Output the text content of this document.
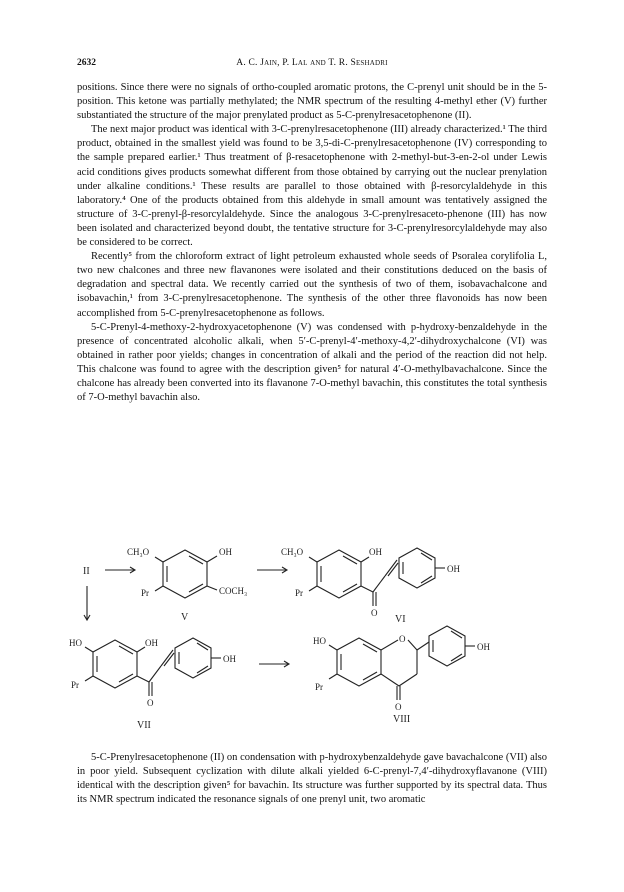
2632	A. C. Jain, P. Lal and T. R. Seshadri

positions. Since there were no signals of ortho-coupled aromatic protons, the C-prenyl unit should be in the 5-position. This ketone was partially methylated; the NMR spectrum of the resulting 4-methyl ether (V) further substantiated the structure of the major prenylated product as 5-C-prenylresacetophenone (II).

The next major product was identical with 3-C-prenylresacetophenone (III) already characterized.¹ The third product, obtained in the smallest yield was found to be 3,5-di-C-prenylresacetophenone (IV) corresponding to the sample prepared earlier.¹ Thus treatment of β-resacetophenone with 2-methyl-but-3-en-2-ol under Lewis acid conditions gives products somewhat different from those obtained by carrying out the nuclear prenylation under alkaline conditions.¹ These results are parallel to those obtained with β-resorcylaldehyde in this laboratory.⁴ One of the products obtained from this aldehyde in small amount was tentatively assigned the structure of 3-C-prenyl-β-resorcylaldehyde. Since the analogous 3-C-prenylresaceto-phenone (III) has now been isolated and characterized beyond doubt, the tentative structure for 3-C-prenylresorcylaldehyde may also be considered to be correct.

Recently⁵ from the chloroform extract of light petroleum exhausted whole seeds of Psoralea corylifolia L, two new chalcones and three new flavanones were isolated and their constitutions deduced on the basis of degradation and spectral data. We recently carried out the synthesis of two of them, isobavachalcone and isobavachin,¹ from 3-C-prenylresacetophenone. The synthesis of the other three flavonoids has now been accomplished from 5-C-prenylresacetophenone as follows.

5-C-Prenyl-4-methoxy-2-hydroxyacetophenone (V) was condensed with p-hydroxy-benzaldehyde in the presence of concentrated alcoholic alkali, when 5′-C-prenyl-4′-methoxy-4,2′-dihydroxychalcone (VI) was obtained in rather poor yields; changes in concentration of alkali and the period of the reaction did not help. This chalcone was found to agree with the description given⁵ for natural 4′-O-methylbavachalcone. Since the chalcone has already been converted into its flavanone 7-O-methyl bavachin, this constitutes the total synthesis of 7-O-methyl bavachin also.

II
V	VI
VII
VIII
CH₃O	OH
Pr	COCH₃
CH₃O	OH
Pr
O
OH
HO	OH
Pr
O
OH
HO
Pr
O
O
OH

5-C-Prenylresacetophenone (II) on condensation with p-hydroxybenzaldehyde gave bavachalcone (VII) also in poor yield. Subsequent cyclization with dilute alkali yielded 6-C-prenyl-7,4′-dihydroxyflavanone (VIII) identical with the description given⁵ for bavachin. Its structure was further supported by its spectral data. Thus its NMR spectrum indicated the resonance signals of one prenyl unit, two aromatic
